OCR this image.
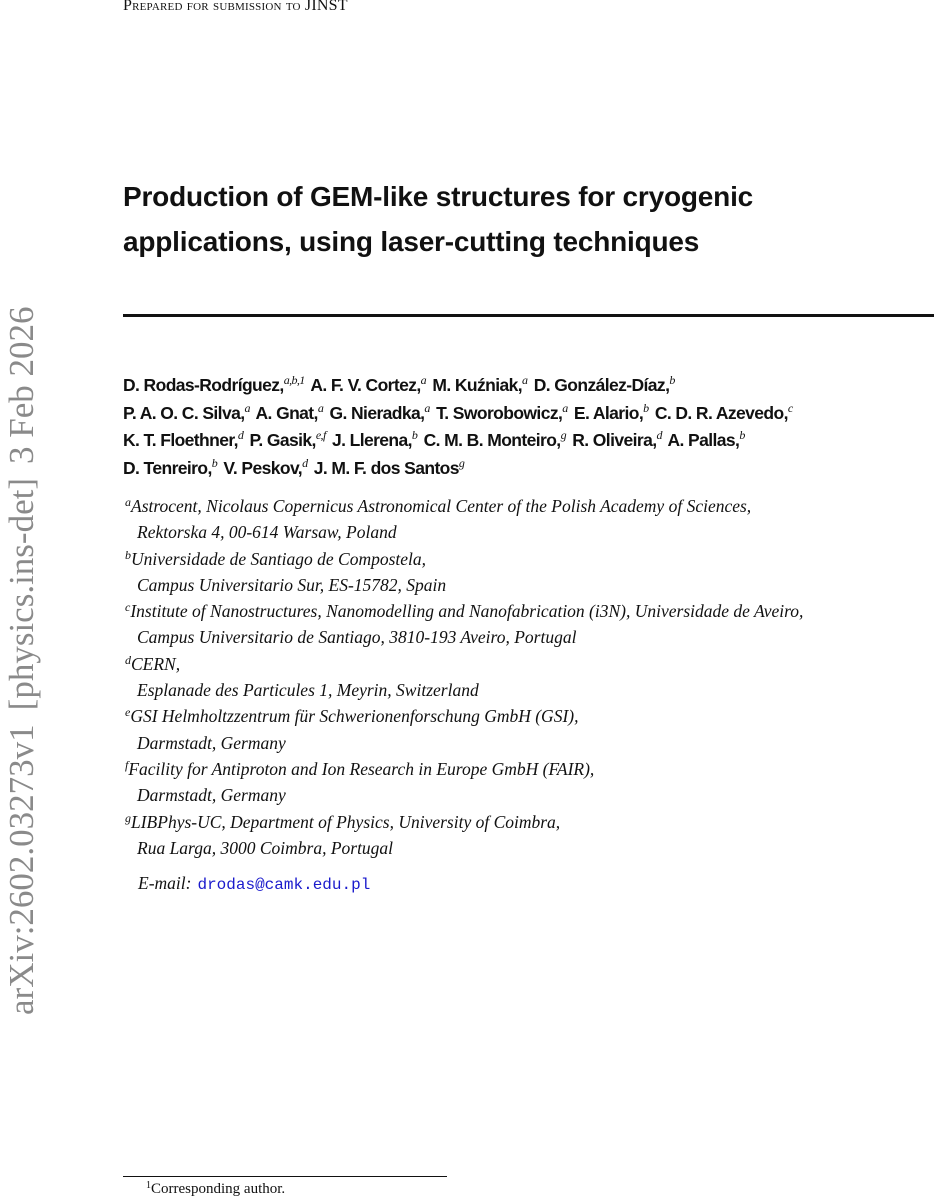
Prepared for submission to JINST
arXiv:2602.03273v1[physics.ins-det]3 Feb 2026
Production of GEM-like structures for cryogenic applications, using laser-cutting techniques
D. Rodas-Rodríguez,$^{a,b,1}$ A. F. V. Cortez,$^a$ M. Kuźniak,$^a$ D. González-Díaz,$^b$
P. A. O. C. Silva,$^a$ A. Gnat,$^a$ G. Nieradka,$^a$ T. Sworobowicz,$^a$ E. Alario,$^b$ C. D. R. Azevedo,$^c$
K. T. Floethner,$^d$ P. Gasik,$^{e,f}$ J. Llerena,$^b$ C. M. B. Monteiro,$^g$ R. Oliveira,$^d$ A. Pallas,$^b$
D. Tenreiro,$^b$ V. Peskov,$^d$ J. M. F. dos Santos$^g$
$^a$Astrocent, Nicolaus Copernicus Astronomical Center of the Polish Academy of Sciences,
Rektorska 4, 00-614 Warsaw, Poland
$^b$Universidade de Santiago de Compostela,
Campus Universitario Sur, ES-15782, Spain
$^c$Institute of Nanostructures, Nanomodelling and Nanofabrication (i3N), Universidade de Aveiro,
Campus Universitario de Santiago, 3810-193 Aveiro, Portugal
$^d$CERN,
Esplanade des Particules 1, Meyrin, Switzerland
$^e$GSI Helmholtzzentrum für Schwerionenforschung GmbH (GSI),
Darmstadt, Germany
$^f$Facility for Antiproton and Ion Research in Europe GmbH (FAIR),
Darmstadt, Germany
$^g$LIBPhys-UC, Department of Physics, University of Coimbra,
Rua Larga, 3000 Coimbra, Portugal
E-mail: drodas@camk.edu.pl
$^1$Corresponding author.
